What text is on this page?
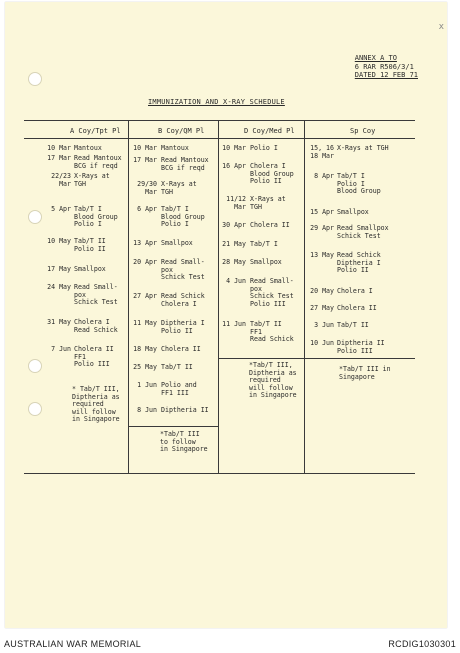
x
ANNEX A TO
6 RAR R506/3/1
DATED 12 FEB 71
IMMUNIZATION AND X-RAY SCHEDULE
A Coy/Tpt Pl
10 Mar Mantoux
17 Mar Read Mantoux
BCG if reqd
22/23
Mar
X-Rays at
TGH
5 Apr Tab/T I
Blood Group
Polio I
10 May Tab/T II
Polio II
17 May Smallpox
24 May Read Small-
pox
Schick Test
31 May Cholera I
Read Schick
7 Jun Cholera II
FF1
Polio III
* Tab/T III,
Diptheria as
required
will follow
in Singapore
B Coy/QM Pl
10 Mar Mantoux
17 Mar Read Mantoux
BCG if reqd
29/30
Mar
X-Rays at
TGH
6 Apr Tab/T I
Blood Group
Polio I
13 Apr Smallpox
20 Apr Read Small-
pox
Schick Test
27 Apr Read Schick
Cholera I
11 May Diptheria I
Polio II
18 May Cholera II
25 May Tab/T II
1 Jun Polio and
FF1 III
8 Jun Diptheria II
*Tab/T III
to follow
in Singapore
D Coy/Med Pl
10 Mar Polio I
16 Apr Cholera I
Blood Group
Polio II
11/12
Mar
X-Rays at
TGH
30 Apr Cholera II
21 May Tab/T I
28 May Smallpox
4 Jun Read Small-
pox
Schick Test
Polio III
11 Jun Tab/T II
FF1
Read Schick
*Tab/T III,
Diptheria as
required
will follow
in Singapore
Sp Coy
15, 16
18 Mar
X-Rays at TGH
8 Apr Tab/T I
Polio I
Blood Group
15 Apr Smallpox
29 Apr Read Smallpox
Schick Test
13 May Read Schick
Diptheria I
Polio II
20 May Cholera I
27 May Cholera II
3 Jun Tab/T II
10 Jun Diptheria II
Polio III
*Tab/T III in
Singapore
AUSTRALIAN WAR MEMORIAL	RCDIG1030301
